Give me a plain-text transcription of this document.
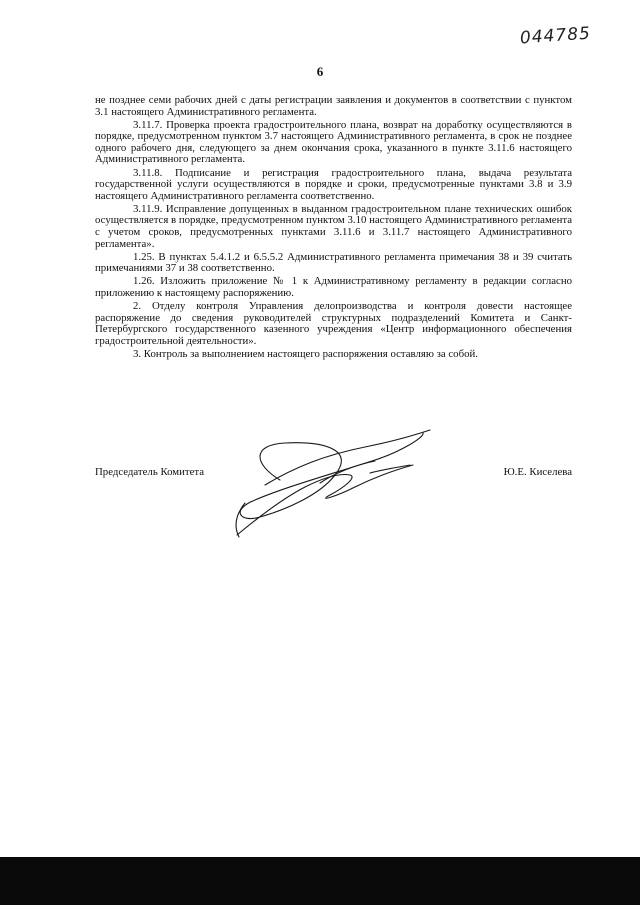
044785
6

не позднее семи рабочих дней с даты регистрации заявления и документов в соответствии с пунктом 3.1 настоящего Административного регламента.

3.11.7. Проверка проекта градостроительного плана, возврат на доработку осуществляются в порядке, предусмотренном пунктом 3.7 настоящего Административного регламента, в срок не позднее одного рабочего дня, следующего за днем окончания срока, указанного в пункте 3.11.6 настоящего Административного регламента.

3.11.8. Подписание и регистрация градостроительного плана, выдача результата государственной услуги осуществляются в порядке и сроки, предусмотренные пунктами 3.8 и 3.9 настоящего Административного регламента соответственно.

3.11.9. Исправление допущенных в выданном градостроительном плане технических ошибок осуществляется в порядке, предусмотренном пунктом 3.10 настоящего Административного регламента с учетом сроков, предусмотренных пунктами 3.11.6 и 3.11.7 настоящего Административного регламента».

1.25. В пунктах 5.4.1.2 и 6.5.5.2 Административного регламента примечания 38 и 39 считать примечаниями 37 и 38 соответственно.

1.26. Изложить приложение № 1 к Административному регламенту в редакции согласно приложению к настоящему распоряжению.

2. Отделу контроля Управления делопроизводства и контроля довести настоящее распоряжение до сведения руководителей структурных подразделений Комитета и Санкт-Петербургского государственного казенного учреждения «Центр информационного обеспечения градостроительной деятельности».

3. Контроль за выполнением настоящего распоряжения оставляю за собой.

Председатель Комитета	Ю.Е. Киселева
